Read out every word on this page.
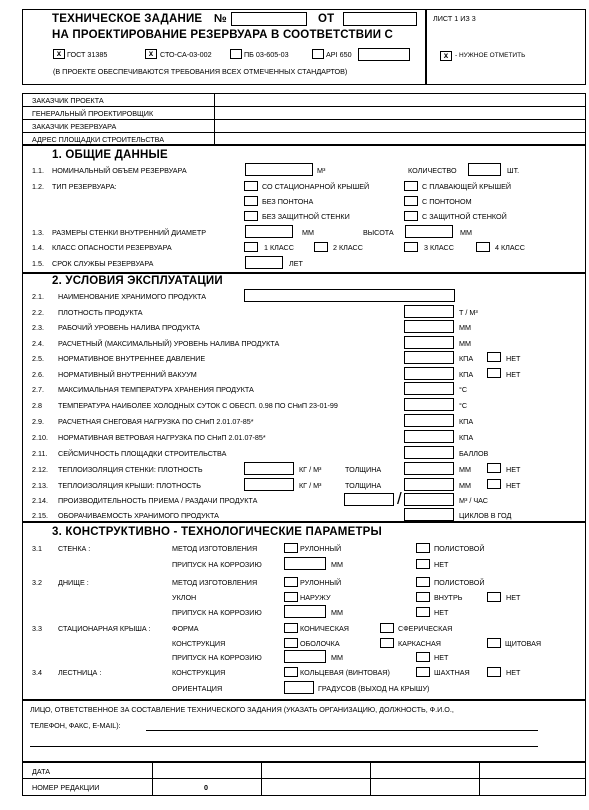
ТЕХНИЧЕСКОЕ ЗАДАНИЕ №	ОТ
НА ПРОЕКТИРОВАНИЕ РЕЗЕРВУАРА В СООТВЕТСТВИИ С
ЛИСТ 1 ИЗ 3
x	- НУЖНОЕ ОТМЕТИТЬ
x ГОСТ 31385	x СТО-СА-03-002	ПБ 03-605-03	API 650
(В ПРОЕКТЕ ОБЕСПЕЧИВАЮТСЯ ТРЕБОВАНИЯ ВСЕХ ОТМЕЧЕННЫХ СТАНДАРТОВ)
ЗАКАЗЧИК ПРОЕКТА
ГЕНЕРАЛЬНЫЙ ПРОЕКТИРОВЩИК
ЗАКАЗЧИК РЕЗЕРВУАРА
АДРЕС ПЛОЩАДКИ СТРОИТЕЛЬСТВА
1. ОБЩИЕ ДАННЫЕ
1.1. НОМИНАЛЬНЫЙ ОБЪЕМ РЕЗЕРВУАРА	М³	КОЛИЧЕСТВО	ШТ.
1.2. ТИП РЕЗЕРВУАРА:	СО СТАЦИОНАРНОЙ КРЫШЕЙ	С ПЛАВАЮЩЕЙ КРЫШЕЙ
БЕЗ ПОНТОНА	С ПОНТОНОМ
БЕЗ ЗАЩИТНОЙ СТЕНКИ	С ЗАЩИТНОЙ СТЕНКОЙ
1.3. РАЗМЕРЫ СТЕНКИ ВНУТРЕННИЙ ДИАМЕТР	ММ	ВЫСОТА	ММ
1.4. КЛАСС ОПАСНОСТИ РЕЗЕРВУАРА	1 КЛАСС	2 КЛАСС	3 КЛАСС	4 КЛАСС
1.5. СРОК СЛУЖБЫ РЕЗЕРВУАРА	ЛЕТ
2. УСЛОВИЯ ЭКСПЛУАТАЦИИ
2.1. НАИМЕНОВАНИЕ ХРАНИМОГО ПРОДУКТА
2.2. ПЛОТНОСТЬ ПРОДУКТА	Т / М³
2.3. РАБОЧИЙ УРОВЕНЬ НАЛИВА ПРОДУКТА	ММ
2.4. РАСЧЕТНЫЙ (МАКСИМАЛЬНЫЙ) УРОВЕНЬ НАЛИВА ПРОДУКТА	ММ
2.5. НОРМАТИВНОЕ ВНУТРЕННЕЕ ДАВЛЕНИЕ	КПА	НЕТ
2.6. НОРМАТИВНЫЙ ВНУТРЕННИЙ ВАКУУМ	КПА	НЕТ
2.7. МАКСИМАЛЬНАЯ ТЕМПЕРАТУРА ХРАНЕНИЯ ПРОДУКТА	°С
2.8 ТЕМПЕРАТУРА НАИБОЛЕЕ ХОЛОДНЫХ СУТОК С ОБЕСП. 0.98 ПО СНиП 23-01-99	°С
2.9. РАСЧЕТНАЯ СНЕГОВАЯ НАГРУЗКА ПО СНиП 2.01.07-85*	КПА
2.10. НОРМАТИВНАЯ ВЕТРОВАЯ НАГРУЗКА ПО СНиП 2.01.07-85*	КПА
2.11. СЕЙСМИЧНОСТЬ ПЛОЩАДКИ СТРОИТЕЛЬСТВА	БАЛЛОВ
2.12. ТЕПЛОИЗОЛЯЦИЯ СТЕНКИ: ПЛОТНОСТЬ	КГ / М³	ТОЛЩИНА	ММ	НЕТ
2.13. ТЕПЛОИЗОЛЯЦИЯ КРЫШИ: ПЛОТНОСТЬ	КГ / М³	ТОЛЩИНА	ММ	НЕТ
2.14. ПРОИЗВОДИТЕЛЬНОСТЬ ПРИЕМА / РАЗДАЧИ ПРОДУКТА	/	М³ / ЧАС
2.15. ОБОРАЧИВАЕМОСТЬ ХРАНИМОГО ПРОДУКТА	ЦИКЛОВ В ГОД
3. КОНСТРУКТИВНО - ТЕХНОЛОГИЧЕСКИЕ ПАРАМЕТРЫ
3.1 СТЕНКА :	МЕТОД ИЗГОТОВЛЕНИЯ	РУЛОННЫЙ	ПОЛИСТОВОЙ
ПРИПУСК НА КОРРОЗИЮ	ММ	НЕТ
3.2 ДНИЩЕ :	МЕТОД ИЗГОТОВЛЕНИЯ	РУЛОННЫЙ	ПОЛИСТОВОЙ
УКЛОН	НАРУЖУ	ВНУТРЬ	НЕТ
ПРИПУСК НА КОРРОЗИЮ	ММ	НЕТ
3.3 СТАЦИОНАРНАЯ КРЫША :	ФОРМА	КОНИЧЕСКАЯ	СФЕРИЧЕСКАЯ
КОНСТРУКЦИЯ	ОБОЛОЧКА	КАРКАСНАЯ	ЩИТОВАЯ
ПРИПУСК НА КОРРОЗИЮ	ММ	НЕТ
3.4 ЛЕСТНИЦА :	КОНСТРУКЦИЯ	КОЛЬЦЕВАЯ (ВИНТОВАЯ)	ШАХТНАЯ	НЕТ
ОРИЕНТАЦИЯ	ГРАДУСОВ (ВЫХОД НА КРЫШУ)
ЛИЦО, ОТВЕТСТВЕННОЕ ЗА СОСТАВЛЕНИЕ ТЕХНИЧЕСКОГО ЗАДАНИЯ (УКАЗАТЬ ОРГАНИЗАЦИЮ, ДОЛЖНОСТЬ, Ф.И.О.,
ТЕЛЕФОН, ФАКС, E-MAIL):
ДАТА
НОМЕР РЕДАКЦИИ	0
